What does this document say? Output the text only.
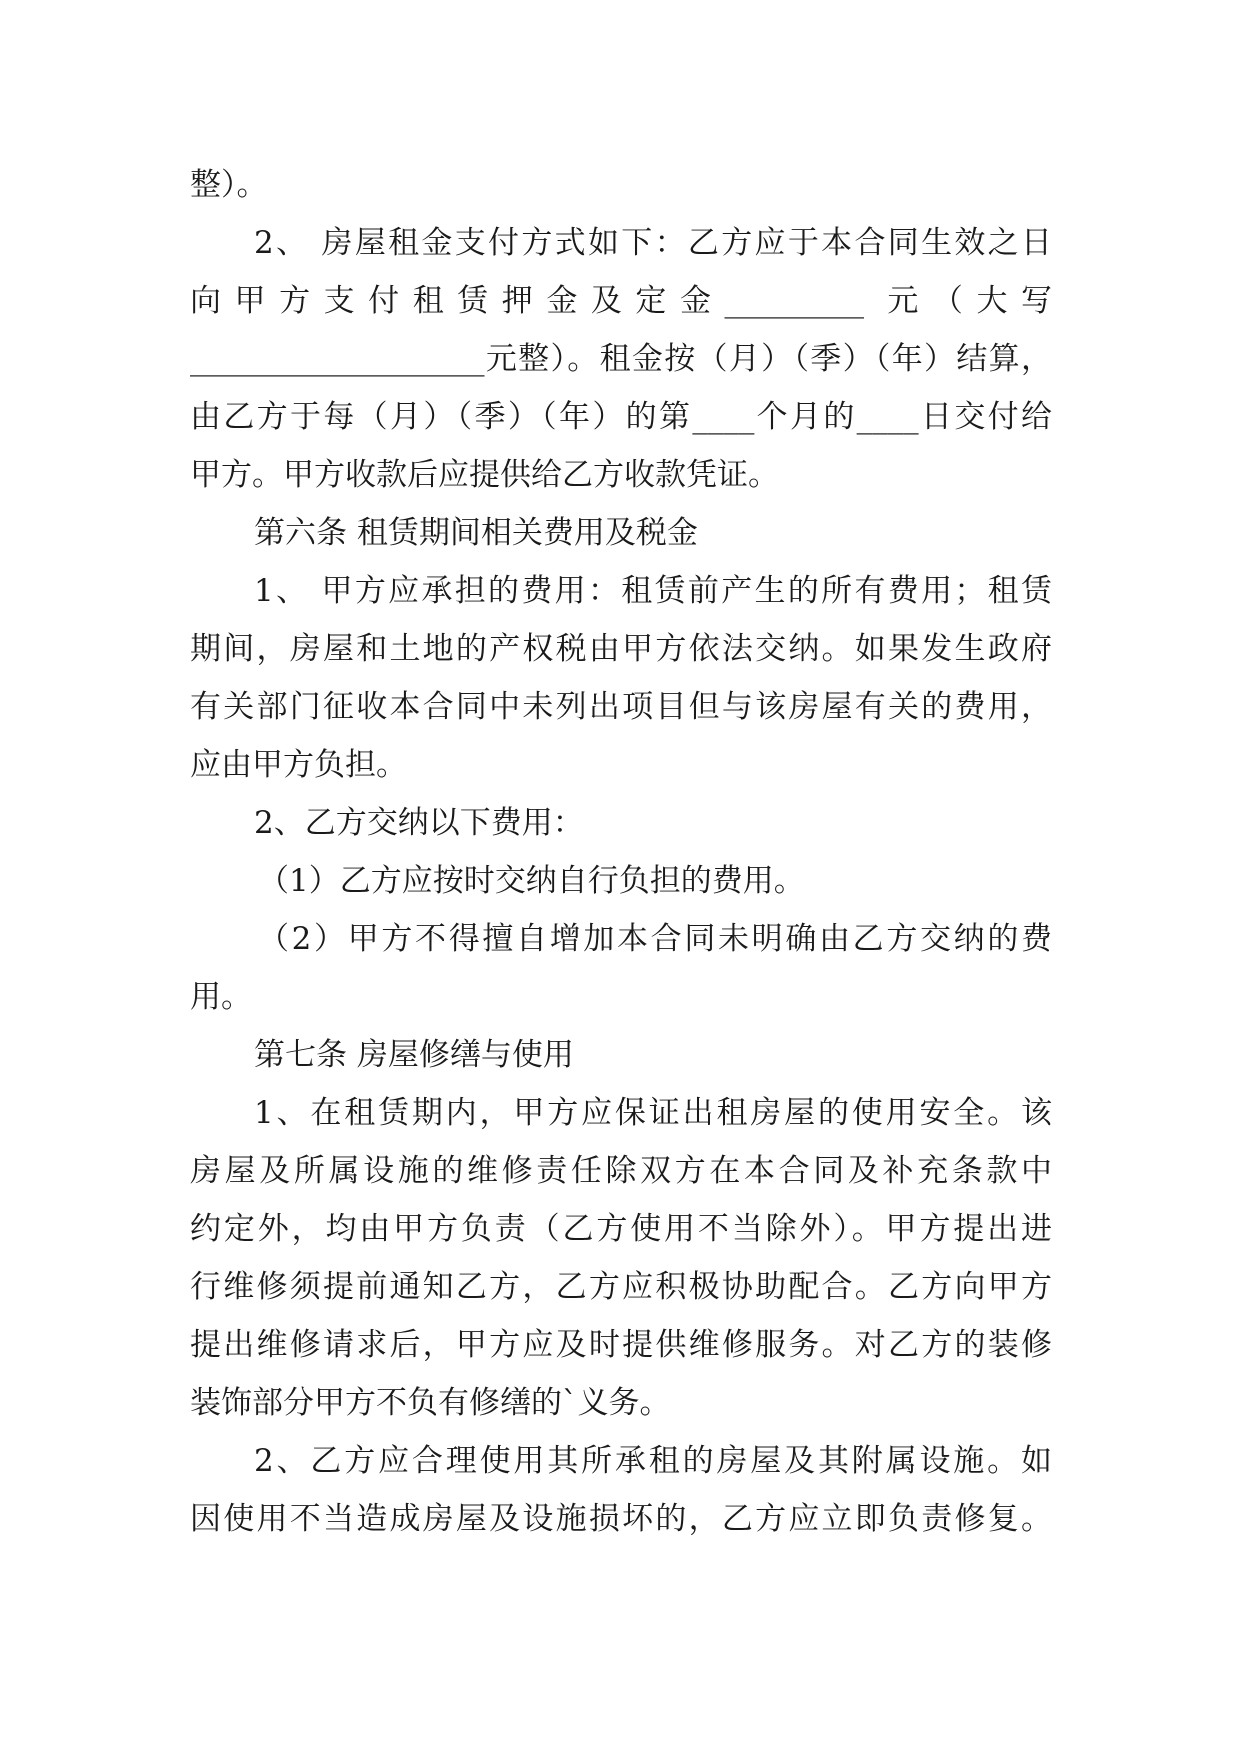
整）。
2、 房屋租金支付方式如下：乙方应于本合同生效之日
向甲方支付租赁押金及定金_________ 元（大写
___________________元整）。租金按（月）（季）（年）结算，
由乙方于每（月）（季）（年）的第____个月的____日交付给
甲方。甲方收款后应提供给乙方收款凭证。
第六条 租赁期间相关费用及税金
1、 甲方应承担的费用：租赁前产生的所有费用；租赁
期间，房屋和土地的产权税由甲方依法交纳。如果发生政府
有关部门征收本合同中未列出项目但与该房屋有关的费用，
应由甲方负担。
2、乙方交纳以下费用：
（1）乙方应按时交纳自行负担的费用。
（2）甲方不得擅自增加本合同未明确由乙方交纳的费
用。
第七条 房屋修缮与使用
1、在租赁期内，甲方应保证出租房屋的使用安全。该
房屋及所属设施的维修责任除双方在本合同及补充条款中
约定外，均由甲方负责（乙方使用不当除外）。甲方提出进
行维修须提前通知乙方，乙方应积极协助配合。乙方向甲方
提出维修请求后，甲方应及时提供维修服务。对乙方的装修
装饰部分甲方不负有修缮的`义务。
2、乙方应合理使用其所承租的房屋及其附属设施。如
因使用不当造成房屋及设施损坏的，乙方应立即负责修复。
